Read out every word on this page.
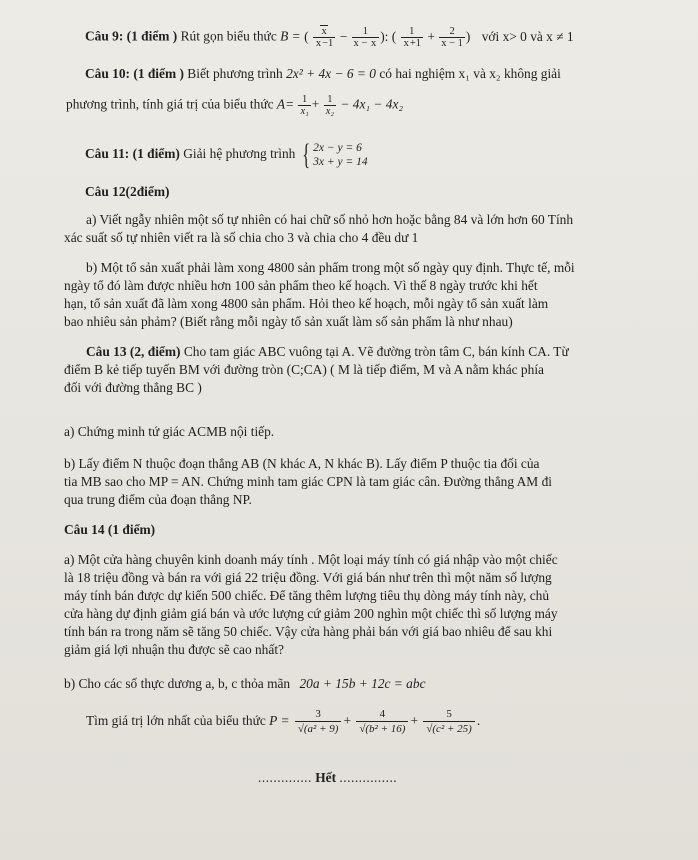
Câu 9: (1 điểm ) Rút gọn biểu thức B = ( $\frac{x}{x-1} - \frac{1}{x - x}$ ): ( $\frac{1}{x+1} + \frac{2}{x - 1}$ ) với x> 0 và x ≠ 1
Câu 10: (1 điểm ) Biết phương trình 2x² + 4x − 6 = 0 có hai nghiệm x₁ và x₂ không giải
phương trình, tính giá trị của biểu thức $A= \frac{1}{\text{x₁}} + \frac{1}{\text{x₂}} - 4x_1 - 4x_2$
Câu 11: (1 điểm) Giải hệ phương trình { 2x − y = 6
3x + y = 14
Câu 12(2điểm)
a) Viết ngẫy nhiên một số tự nhiên có hai chữ số nhỏ hơn hoặc bằng 84 và lớn hơn 60 Tính
xác suất số tự nhiên viết ra là số chia cho 3 và chia cho 4 đều dư 1
b) Một tổ sản xuất phải làm xong 4800 sản phẩm trong một số ngày quy định. Thực tế, mỗi
ngày tổ đó làm được nhiều hơn 100 sản phẩm theo kế hoạch. Vì thế 8 ngày trước khi hết
hạn, tổ sản xuất đã làm xong 4800 sản phẩm. Hỏi theo kế hoạch, mỗi ngày tổ sản xuất làm
bao nhiêu sản phảm? (Biết rằng mỗi ngày tổ sản xuất làm số sản phẩm là như nhau)
Câu 13 (2, điểm) Cho tam giác ABC vuông tại A. Vẽ đường tròn tâm C, bán kính CA. Từ
điểm B kẻ tiếp tuyến BM với đường tròn (C;CA) ( M là tiếp điểm, M và A nằm khác phía
đối với đường thẳng BC )
a) Chứng minh tứ giác ACMB nội tiếp.
b) Lấy điểm N thuộc đoạn thẳng AB (N khác A, N khác B). Lấy điểm P thuộc tia đối của
tia MB sao cho MP = AN. Chứng minh tam giác CPN là tam giác cân. Đường thẳng AM đi
qua trung điểm của đoạn thẳng NP.
Câu 14 (1 điểm)
a) Một cửa hàng chuyên kinh doanh máy tính . Một loại máy tính có giá nhập vào một chiếc
là 18 triệu đồng và bán ra với giá 22 triệu đồng. Với giá bán như trên thì một năm số lượng
máy tính bán được dự kiến 500 chiếc. Để tăng thêm lượng tiêu thụ dòng máy tính này, chủ
cửa hàng dự định giảm giá bán và ước lượng cứ giảm 200 nghìn một chiếc thì số lượng máy
tính bán ra trong năm sẽ tăng 50 chiếc. Vậy cửa hàng phải bán với giá bao nhiêu để sau khi
giảm giá lợi nhuận thu được sẽ cao nhất?
b) Cho các số thực dương a, b, c thỏa mãn 20a + 15b + 12c = abc
Tìm giá trị lớn nhất của biểu thức $P = \frac{3}{\text{√(a² + 9)}} + \frac{4}{\text{√(b² + 16)}} + \frac{5}{\text{√(c² + 25)}}$ .
.............. Hết ...............
